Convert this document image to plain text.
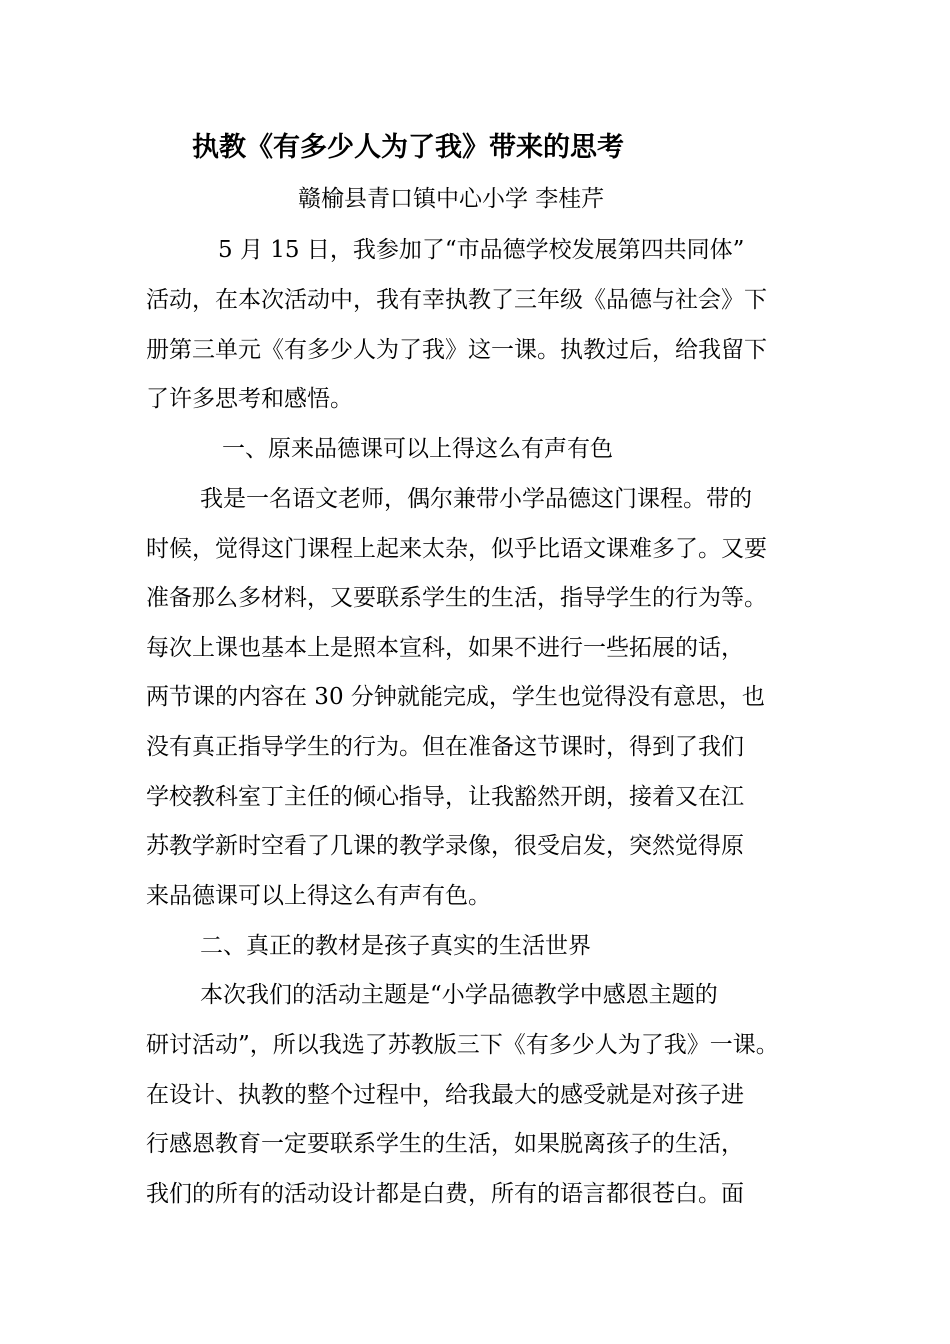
执教《有多少人为了我》带来的思考
赣榆县青口镇中心小学 李桂芹
5 月 15 日，我参加了“市品德学校发展第四共同体”
活动，在本次活动中，我有幸执教了三年级《品德与社会》下
册第三单元《有多少人为了我》这一课。执教过后，给我留下
了许多思考和感悟。
一、原来品德课可以上得这么有声有色
我是一名语文老师，偶尔兼带小学品德这门课程。带的
时候，觉得这门课程上起来太杂，似乎比语文课难多了。又要
准备那么多材料，又要联系学生的生活，指导学生的行为等。
每次上课也基本上是照本宣科，如果不进行一些拓展的话，
两节课的内容在 30 分钟就能完成，学生也觉得没有意思，也
没有真正指导学生的行为。但在准备这节课时，得到了我们
学校教科室丁主任的倾心指导，让我豁然开朗，接着又在江
苏教学新时空看了几课的教学录像，很受启发，突然觉得原
来品德课可以上得这么有声有色。
二、真正的教材是孩子真实的生活世界
本次我们的活动主题是“小学品德教学中感恩主题的
研讨活动”，所以我选了苏教版三下《有多少人为了我》一课。
在设计、执教的整个过程中，给我最大的感受就是对孩子进
行感恩教育一定要联系学生的生活，如果脱离孩子的生活，
我们的所有的活动设计都是白费，所有的语言都很苍白。面
